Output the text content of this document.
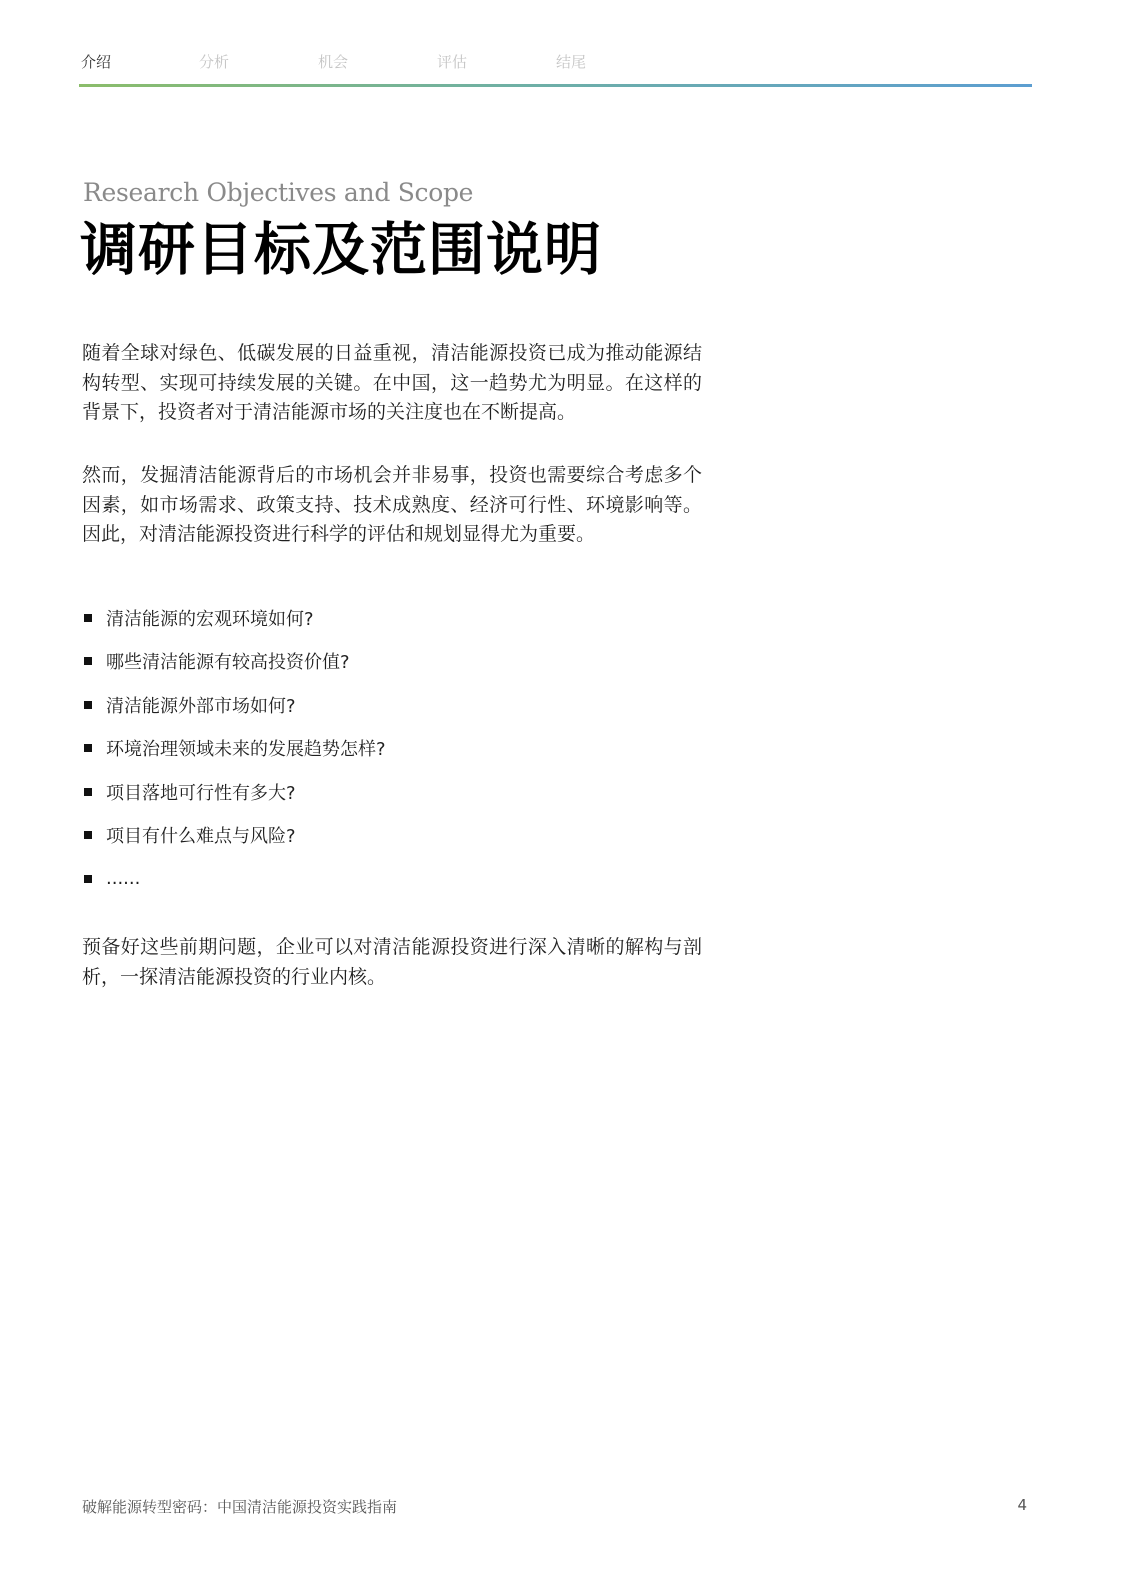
介绍	分析	机会	评估	结尾
Research Objectives and Scope
调研目标及范围说明

随着全球对绿色、低碳发展的日益重视，清洁能源投资已成为推动能源结构转型、实现可持续发展的关键。在中国，这一趋势尤为明显。在这样的背景下，投资者对于清洁能源市场的关注度也在不断提高。

然而，发掘清洁能源背后的市场机会并非易事，投资也需要综合考虑多个因素，如市场需求、政策支持、技术成熟度、经济可行性、环境影响等。因此，对清洁能源投资进行科学的评估和规划显得尤为重要。

清洁能源的宏观环境如何?
哪些清洁能源有较高投资价值?
清洁能源外部市场如何?
环境治理领域未来的发展趋势怎样?
项目落地可行性有多大?
项目有什么难点与风险?
......

预备好这些前期问题，企业可以对清洁能源投资进行深入清晰的解构与剖析，一探清洁能源投资的行业内核。

破解能源转型密码：中国清洁能源投资实践指南	4
